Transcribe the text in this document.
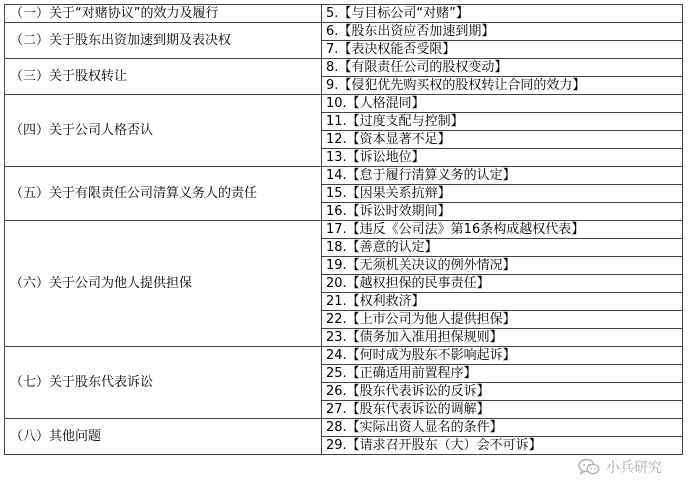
（一）关于“对赌协议”的效力及履行	5.【与目标公司“对赌”】
（二）关于股东出资加速到期及表决权	6.【股东出资应否加速到期】
	7.【表决权能否受限】
（三）关于股权转让	8.【有限责任公司的股权变动】
	9.【侵犯优先购买权的股权转让合同的效力】
（四）关于公司人格否认	10.【人格混同】
	11.【过度支配与控制】
	12.【资本显著不足】
	13.【诉讼地位】
（五）关于有限责任公司清算义务人的责任	14.【怠于履行清算义务的认定】
	15.【因果关系抗辩】
	16.【诉讼时效期间】
（六）关于公司为他人提供担保	17.【违反《公司法》第16条构成越权代表】
	18.【善意的认定】
	19.【无须机关决议的例外情况】
	20.【越权担保的民事责任】
	21.【权利救济】
	22.【上市公司为他人提供担保】
	23.【债务加入准用担保规则】
（七）关于股东代表诉讼	24.【何时成为股东不影响起诉】
	25.【正确适用前置程序】
	26.【股东代表诉讼的反诉】
	27.【股东代表诉讼的调解】
（八）其他问题	28.【实际出资人显名的条件】
	29.【请求召开股东（大）会不可诉】
小兵研究
